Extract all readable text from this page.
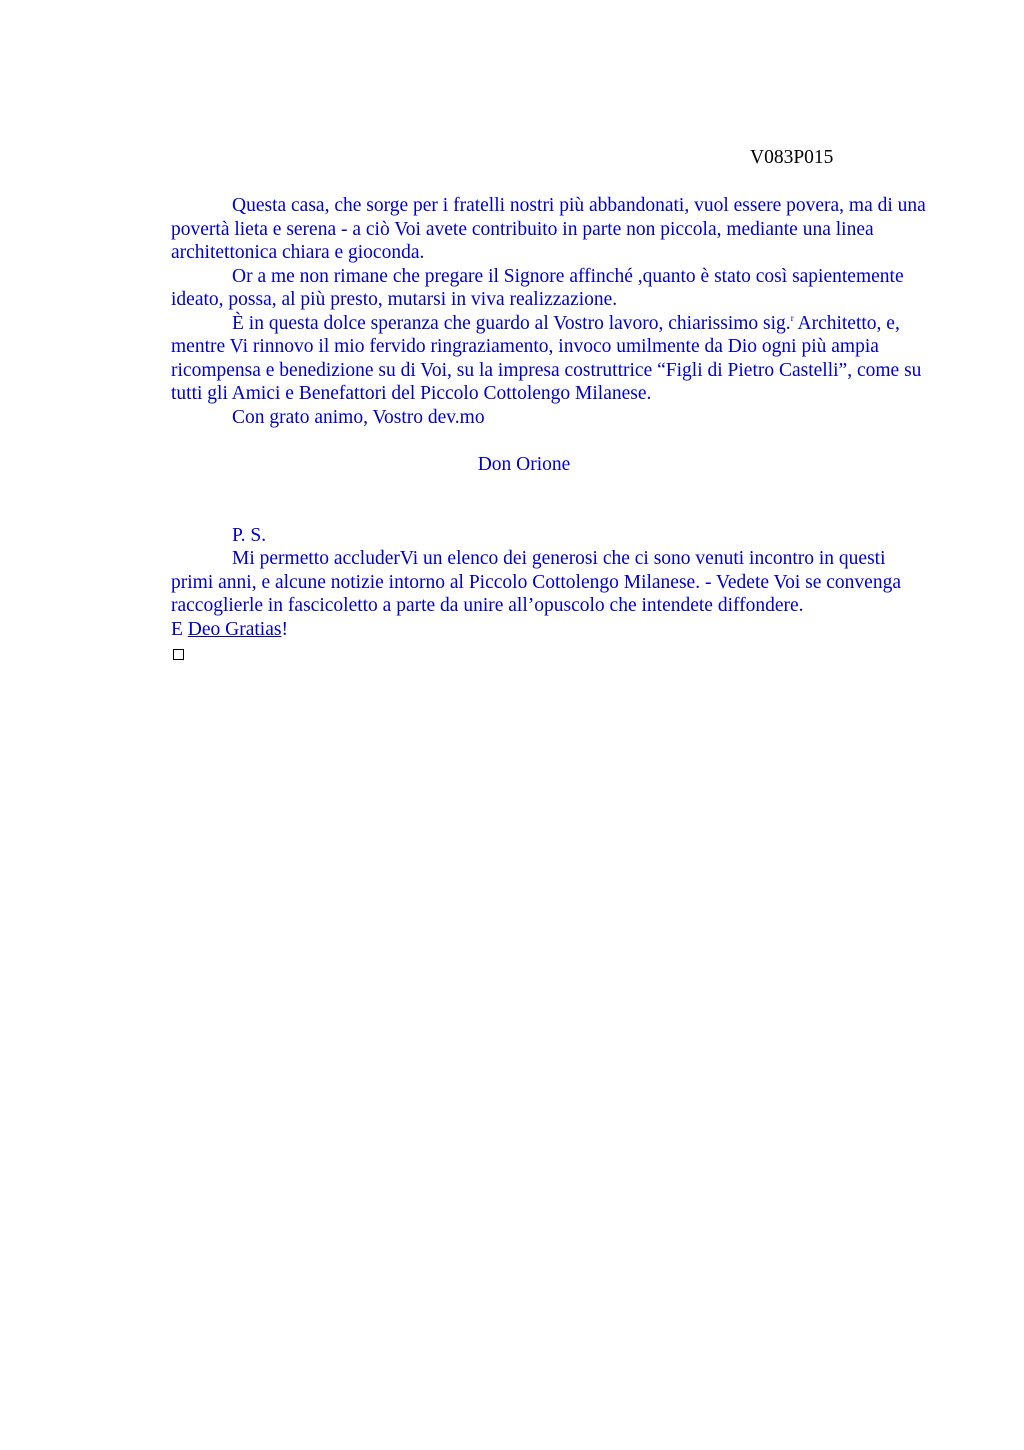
V083P015

Questa casa, che sorge per i fratelli nostri più abbandonati, vuol essere povera, ma di una povertà lieta e serena - a ciò Voi avete contribuito in parte non piccola, mediante una linea architettonica chiara e gioconda.

Or a me non rimane che pregare il Signore affinché ,quanto è stato così sapientemente ideato, possa, al più presto, mutarsi in viva realizzazione.

È in questa dolce speranza che guardo al Vostro lavoro, chiarissimo sig.$^r$ Architetto, e, mentre Vi rinnovo il mio fervido ringraziamento, invoco umilmente da Dio ogni più ampia ricompensa e benedizione su di Voi, su la impresa costruttrice “Figli di Pietro Castelli”, come su tutti gli Amici e Benefattori del Piccolo Cottolengo Milanese.

Con grato animo, Vostro dev.mo

Don Orione

P. S.

Mi permetto accluderVi un elenco dei generosi che ci sono venuti incontro in questi primi anni, e alcune notizie intorno al Piccolo Cottolengo Milanese. - Vedete Voi se convenga raccoglierle in fascicoletto a parte da unire all’opuscolo che intendete diffondere.

E Deo Gratias!
